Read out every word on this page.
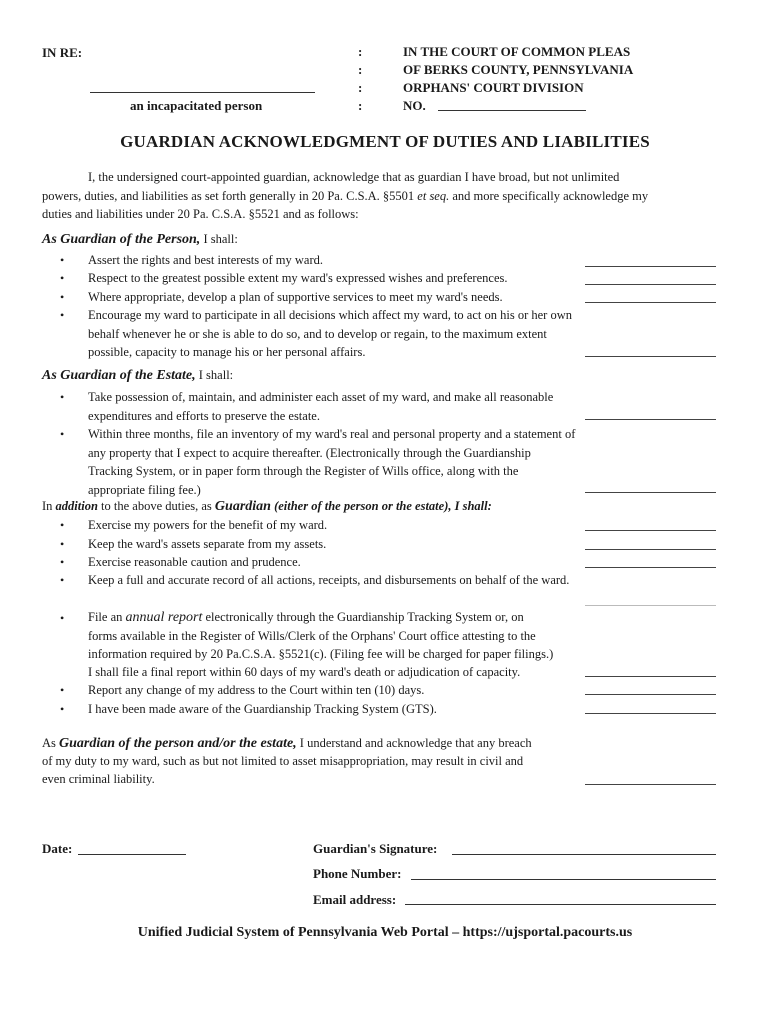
IN RE:
an incapacitated person
:
:
:
:
IN THE COURT OF COMMON PLEAS
OF BERKS COUNTY, PENNSYLVANIA
ORPHANS' COURT DIVISION
NO.
GUARDIAN ACKNOWLEDGMENT OF DUTIES AND LIABILITIES
I, the undersigned court-appointed guardian, acknowledge that as guardian I have broad, but not unlimited
powers, duties, and liabilities as set forth generally in 20 Pa. C.S.A. §5501 et seq. and more specifically acknowledge my
duties and liabilities under 20 Pa. C.S.A. §5521 and as follows:
As Guardian of the Person, I shall:
• Assert the rights and best interests of my ward.
• Respect to the greatest possible extent my ward's expressed wishes and preferences.
• Where appropriate, develop a plan of supportive services to meet my ward's needs.
• Encourage my ward to participate in all decisions which affect my ward, to act on his or her own behalf whenever he or she is able to do so, and to develop or regain, to the maximum extent possible, capacity to manage his or her personal affairs.
As Guardian of the Estate, I shall:
• Take possession of, maintain, and administer each asset of my ward, and make all reasonable expenditures and efforts to preserve the estate.
• Within three months, file an inventory of my ward's real and personal property and a statement of any property that I expect to acquire thereafter. (Electronically through the Guardianship Tracking System, or in paper form through the Register of Wills office, along with the appropriate filing fee.)
In addition to the above duties, as Guardian (either of the person or the estate), I shall:
• Exercise my powers for the benefit of my ward.
• Keep the ward's assets separate from my assets.
• Exercise reasonable caution and prudence.
• Keep a full and accurate record of all actions, receipts, and disbursements on behalf of the ward.
• File an annual report electronically through the Guardianship Tracking System or, on
forms available in the Register of Wills/Clerk of the Orphans' Court office attesting to the
information required by 20 Pa.C.S.A. §5521(c). (Filing fee will be charged for paper filings.)
I shall file a final report within 60 days of my ward's death or adjudication of capacity.
• Report any change of my address to the Court within ten (10) days.
• I have been made aware of the Guardianship Tracking System (GTS).
As Guardian of the person and/or the estate, I understand and acknowledge that any breach
of my duty to my ward, such as but not limited to asset misappropriation, may result in civil and
even criminal liability.
Date:	Guardian's Signature:
Phone Number:
Email address:
Unified Judicial System of Pennsylvania Web Portal – https://ujsportal.pacourts.us
